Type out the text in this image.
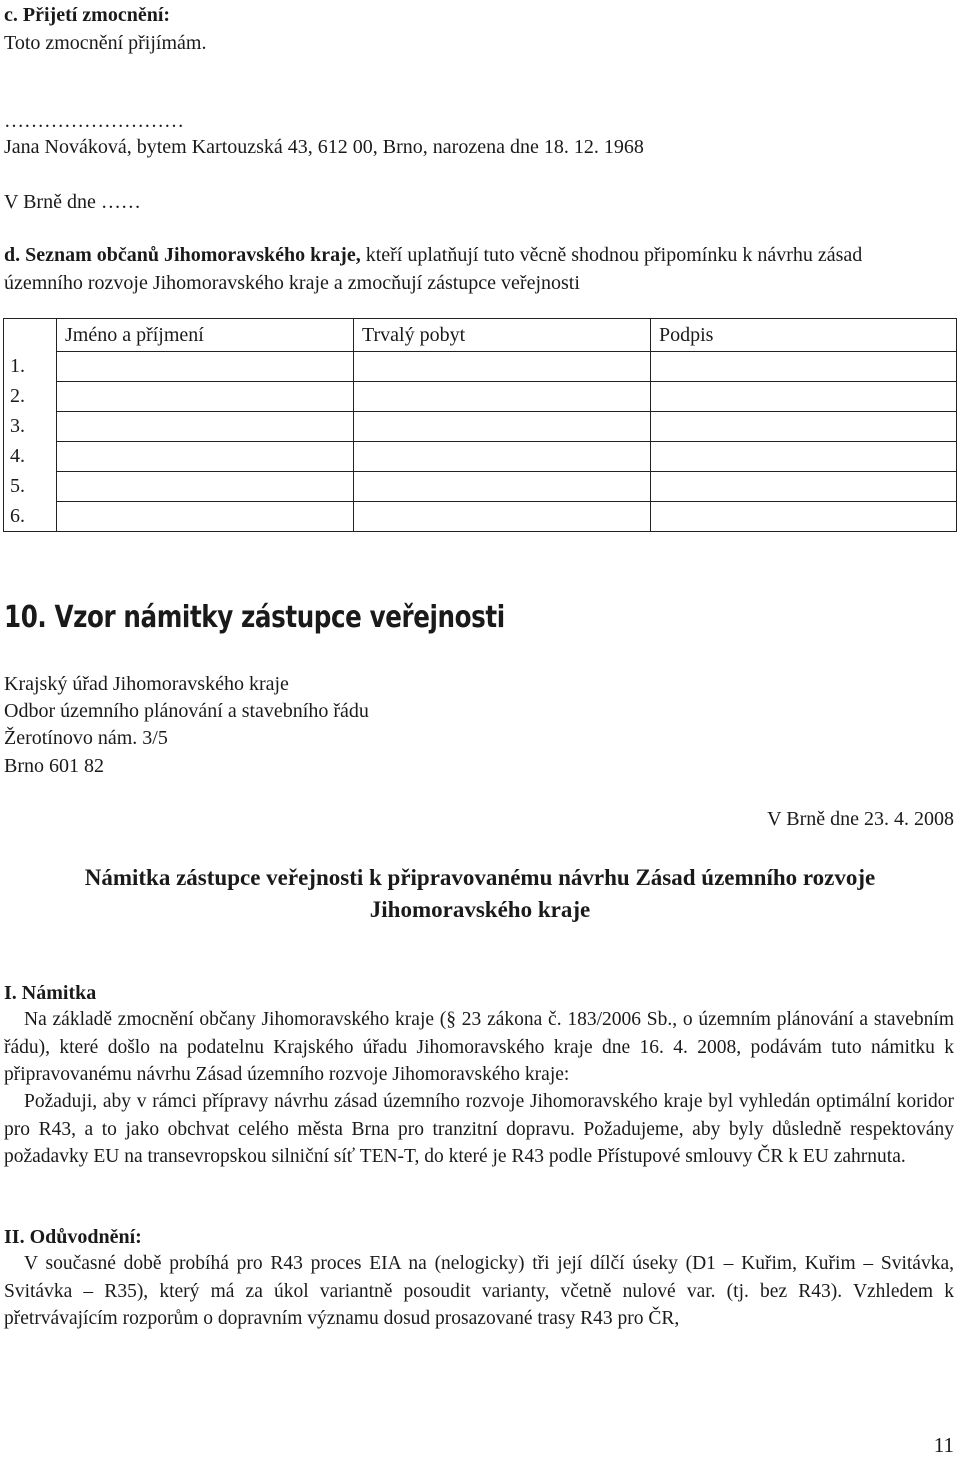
c. Přijetí zmocnění:
Toto zmocnění přijímám.
………………………
Jana Nováková, bytem Kartouzská 43, 612 00, Brno, narozena dne 18. 12. 1968
V Brně dne ……
d. Seznam občanů Jihomoravského kraje, kteří uplatňují tuto věcně shodnou připomínku k návrhu zásad
územního rozvoje Jihomoravského kraje a zmocňují zástupce veřejnosti
	Jméno a příjmení	Trvalý pobyt	Podpis
1.			
2.			
3.			
4.			
5.			
6.			
10. Vzor námitky zástupce veřejnosti
Krajský úřad Jihomoravského kraje
Odbor územního plánování a stavebního řádu
Žerotínovo nám. 3/5
Brno 601 82
V Brně dne 23. 4. 2008
Námitka zástupce veřejnosti k připravovanému návrhu Zásad územního rozvoje
Jihomoravského kraje
I. Námitka
Na základě zmocnění občany Jihomoravského kraje (§ 23 zákona č. 183/2006 Sb., o územním plánování a stavebním řádu), které došlo na podatelnu Krajského úřadu Jihomoravského kraje dne 16. 4. 2008, podávám tuto námitku k připravovanému návrhu Zásad územního rozvoje Jihomoravského kraje:
Požaduji, aby v rámci přípravy návrhu zásad územního rozvoje Jihomoravského kraje byl vyhledán optimální koridor pro R43, a to jako obchvat celého města Brna pro tranzitní dopravu. Požadujeme, aby byly důsledně respektovány požadavky EU na transevropskou silniční síť TEN-T, do které je R43 podle Přístupové smlouvy ČR k EU zahrnuta.
II. Odůvodnění:
V současné době probíhá pro R43 proces EIA na (nelogicky) tři její dílčí úseky (D1 – Kuřim, Kuřim – Svitávka, Svitávka – R35), který má za úkol variantně posoudit varianty, včetně nulové var. (tj. bez R43). Vzhledem k přetrvávajícím rozporům o dopravním významu dosud prosazované trasy R43 pro ČR,
11
